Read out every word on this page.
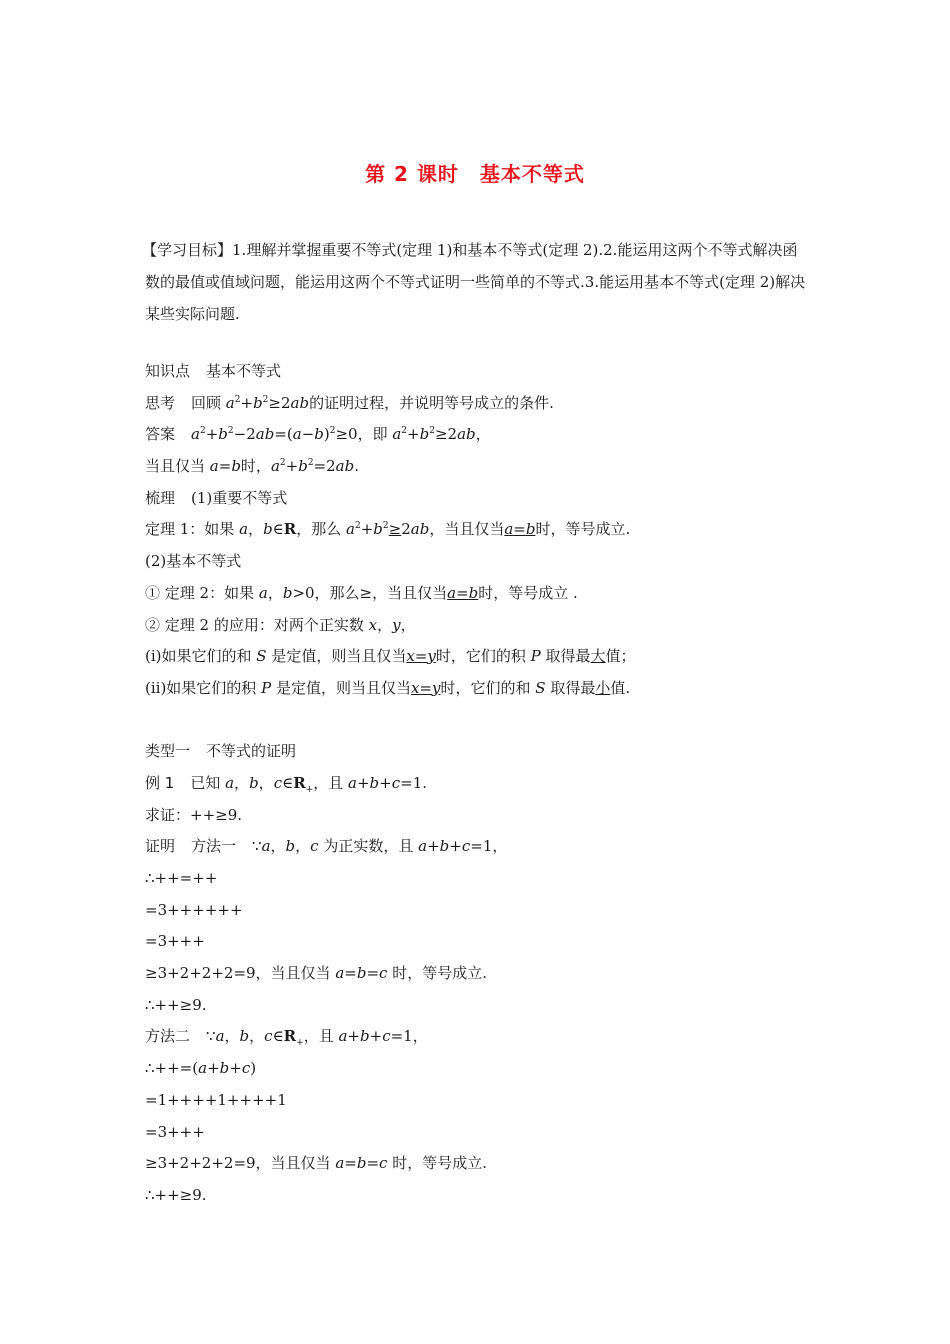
第 2 课时　基本不等式
【学习目标】1.理解并掌握重要不等式(定理 1)和基本不等式(定理 2).2.能运用这两个不等式解决函数的最值或值域问题，能运用这两个不等式证明一些简单的不等式.3.能运用基本不等式(定理 2)解决某些实际问题.
知识点 基本不等式
思考 回顾 $a^2+b^2\ge 2ab$的证明过程，并说明等号成立的条件.
答案 $a^2+b^2-2ab=(a-b)^2\ge 0$，即 $a^2+b^2\ge 2ab$，
当且仅当 a=b时，$a^2+b^2=2ab$.
梳理 (1)重要不等式
定理 1：如果 a，b∈R，那么 $a^2+b^2\ge 2ab$，当且仅当a=b时，等号成立.
(2)基本不等式
① 定理 2：如果 a，b>0，那么≥，当且仅当a=b时，等号成立 .
② 定理 2 的应用：对两个正实数 x，y，
(ⅰ)如果它们的和 S 是定值，则当且仅当x=y时，它们的积 P 取得最大值；
(ⅱ)如果它们的积 P 是定值，则当且仅当x=y时，它们的和 S 取得最小值.
类型一 不等式的证明
例 1 已知 a，b，$c\in R_+$，且 a+b+c=1.
求证：++≥9.
证明 方法一 ∵a，b，c 为正实数，且 a+b+c=1，
∴++=++
=3++++++
=3+++
≥3+2+2+2=9，当且仅当 a=b=c 时，等号成立.
∴++≥9.
方法二 ∵a，b，$c\in R_+$，且 a+b+c=1，
∴++=(a+b+c)
=1++++1++++1
=3+++
≥3+2+2+2=9，当且仅当 a=b=c 时，等号成立.
∴++≥9.
